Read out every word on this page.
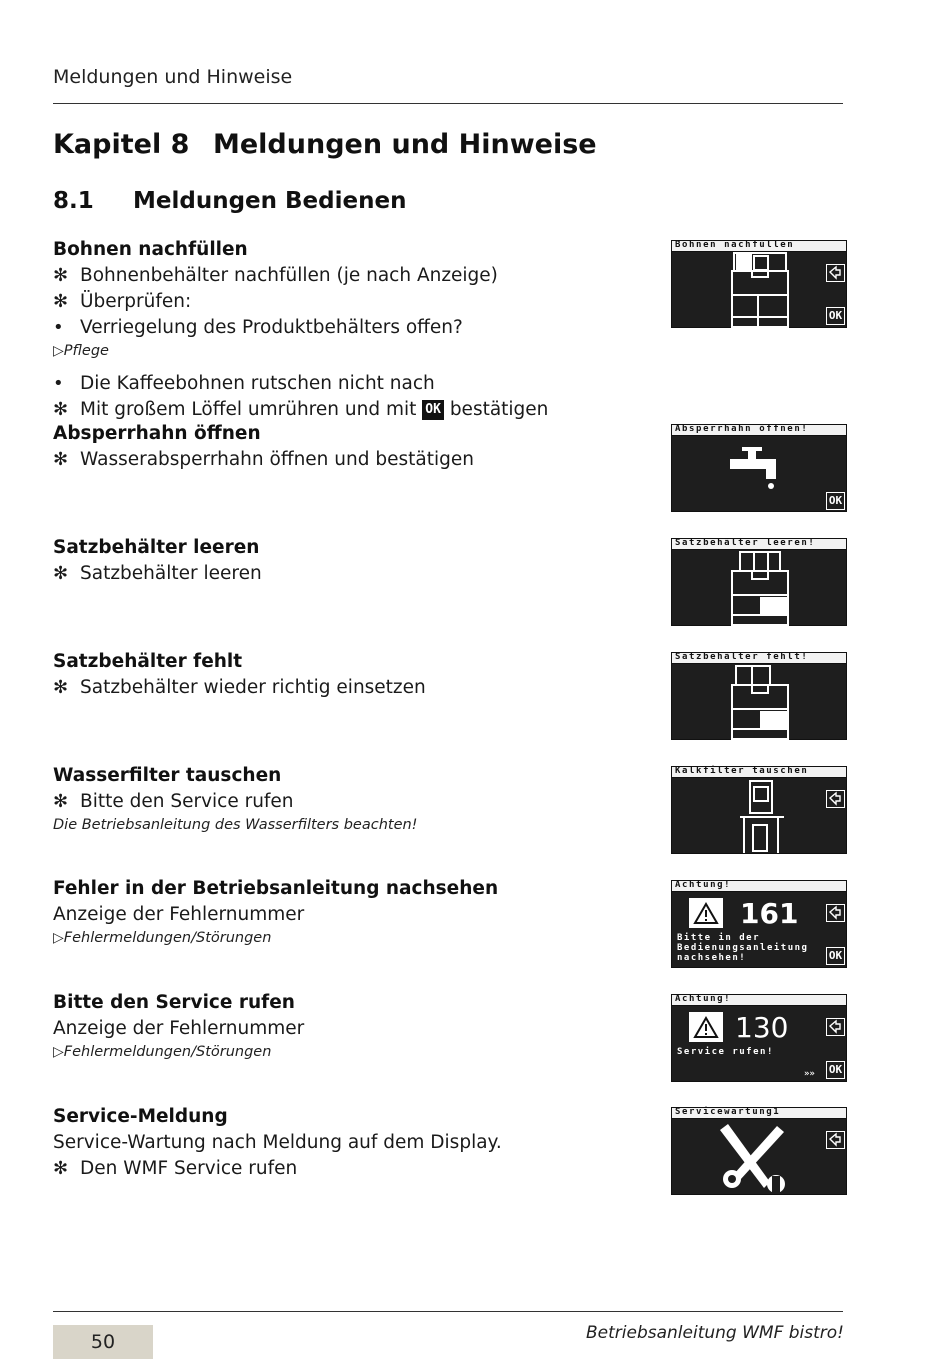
Meldungen und Hinweise
Kapitel 8 Meldungen und Hinweise
8.1 Meldungen Bedienen
Bohnen nachfüllen
✻ Bohnenbehälter nachfüllen (je nach Anzeige)
✻ Überprüfen:
• Verriegelung des Produktbehälters offen?
▷Pflege
• Die Kaffeebohnen rutschen nicht nach
✻ Mit großem Löffel umrühren und mit OK bestätigen
Absperrhahn öffnen
✻ Wasserabsperrhahn öffnen und bestätigen
Satzbehälter leeren
✻ Satzbehälter leeren
Satzbehälter fehlt
✻ Satzbehälter wieder richtig einsetzen
Wasserfilter tauschen
✻ Bitte den Service rufen
Die Betriebsanleitung des Wasserfilters beachten!
Fehler in der Betriebsanleitung nachsehen
Anzeige der Fehlernummer
▷Fehlermeldungen/Störungen
Bitte den Service rufen
Anzeige der Fehlernummer
▷Fehlermeldungen/Störungen
Service-Meldung
Service-Wartung nach Meldung auf dem Display.
✻ Den WMF Service rufen
Bohnen nachfüllen
OK
Absperrhahn öffnen!
OK
Satzbehälter leeren!
Satzbehälter fehlt!
Kalkfilter tauschen
Achtung!
161
Bitte in der
Bedienungsanleitung
nachsehen!	OK
Achtung!
130
Service rufen!
»» OK
Servicewartung1
50	Betriebsanleitung WMF bistro!
